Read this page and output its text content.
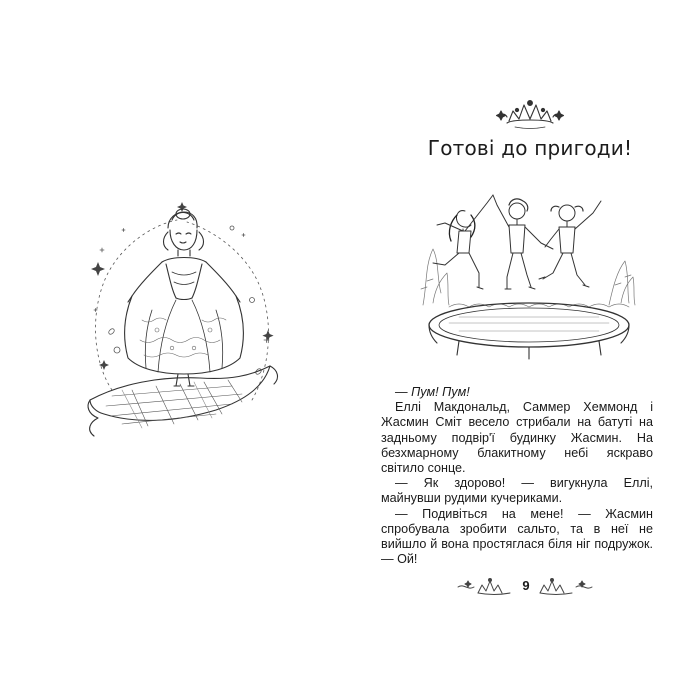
Готові до пригоди!

— Пум! Пум!

Еллі Макдональд, Саммер Хеммонд і Жасмин Сміт весело стрибали на батуті на задньому подвір'ї будинку Жасмин. На безхмарному блакитному небі яскраво світило сонце.

— Як здорово! — вигукнула Еллі, майнувши рудими кучериками.

— Подивіться на мене! — Жасмин спробувала зробити сальто, та в неї не вийшло й вона простяглася біля ніг подружок. — Ой!

9
